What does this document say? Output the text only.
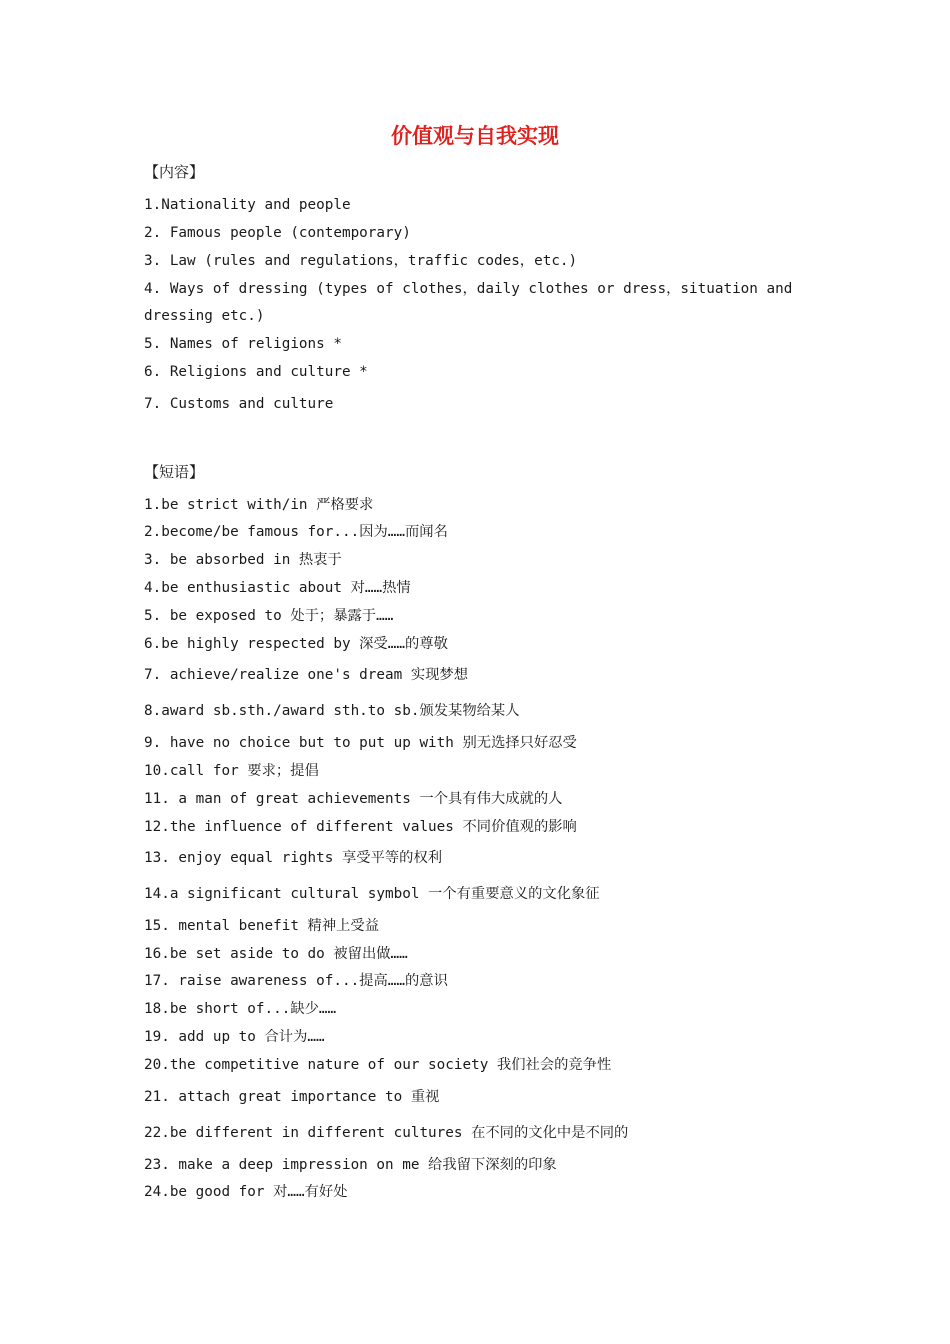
价值观与自我实现
【内容】
1.Nationality and people
2. Famous people (contemporary)
3. Law (rules and regulations，traffic codes，etc.)
4. Ways of dressing (types of clothes，daily clothes or dress，situation and
dressing etc.)
5. Names of religions *
6. Religions and culture *
7. Customs and culture
【短语】
1.be strict with/in 严格要求
2.become/be famous for...因为……而闻名
3. be absorbed in 热衷于
4.be enthusiastic about 对……热情
5. be exposed to 处于；暴露于……
6.be highly respected by 深受……的尊敬
7. achieve/realize one's dream 实现梦想
8.award sb.sth./award sth.to sb.颁发某物给某人
9. have no choice but to put up with 别无选择只好忍受
10.call for 要求；提倡
11. a man of great achievements 一个具有伟大成就的人
12.the influence of different values 不同价值观的影响
13. enjoy equal rights 享受平等的权利
14.a significant cultural symbol 一个有重要意义的文化象征
15. mental benefit 精神上受益
16.be set aside to do 被留出做……
17. raise awareness of...提高……的意识
18.be short of...缺少……
19. add up to 合计为……
20.the competitive nature of our society 我们社会的竞争性
21. attach great importance to 重视
22.be different in different cultures 在不同的文化中是不同的
23. make a deep impression on me 给我留下深刻的印象
24.be good for 对……有好处
